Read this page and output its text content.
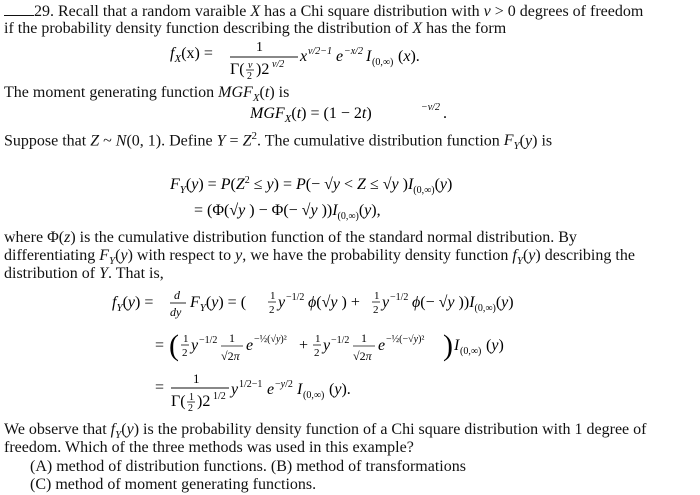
29. Recall that a random varaible X has a Chi square distribution with v > 0 degrees of freedom
if the probability density function describing the distribution of X has the form
$f_X(x)$ =	1
Γ( v
2 )2 v/2 x v/2−1 e −x/2 I (0,∞) (x).
The moment generating function $MGF_X(t)$ is
$MGF_X(t) = (1 - 2t)$	−v/2 .
Suppose that Z ~ N(0, 1). Define $Y = Z^2$. The cumulative distribution function $F_Y(y)$ is
$F_Y(y) = P(Z^2 \le y) = P(- √y < Z \le √y$ )$I_{(0,\infty)}(y)$
= (Φ(√y ) − Φ(− √y ))$I_{(0,\infty)}(y)$,
where Φ(z) is the cumulative distribution function of the standard normal distribution. By
differentiating $F_Y(y)$ with respect to y, we have the probability density function $f_Y(y)$ describing the
distribution of Y. That is,
$f_Y(y) = d$
dy
$F_Y(y)$ = ( 1
2 y −1/2 ϕ(√y ) + 1
2 y −1/2 ϕ(− √y ))$I_{(0,\infty)}(y)$
= ( 1
2 y −1/2 1
√2π
e −½(√y)² + 1
2 y −1/2 1
√2π
e −½(−√y)² ) I (0,∞) (y)
=
1
Γ( 1
2 )2 1/2 y 1/2−1 e −y/2 I (0,∞) (y).
We observe that $f_Y(y)$ is the probability density function of a Chi square distribution with 1 degree of
freedom. Which of the three methods was used in this example?
(A) method of distribution functions. (B) method of transformations
(C) method of moment generating functions.
